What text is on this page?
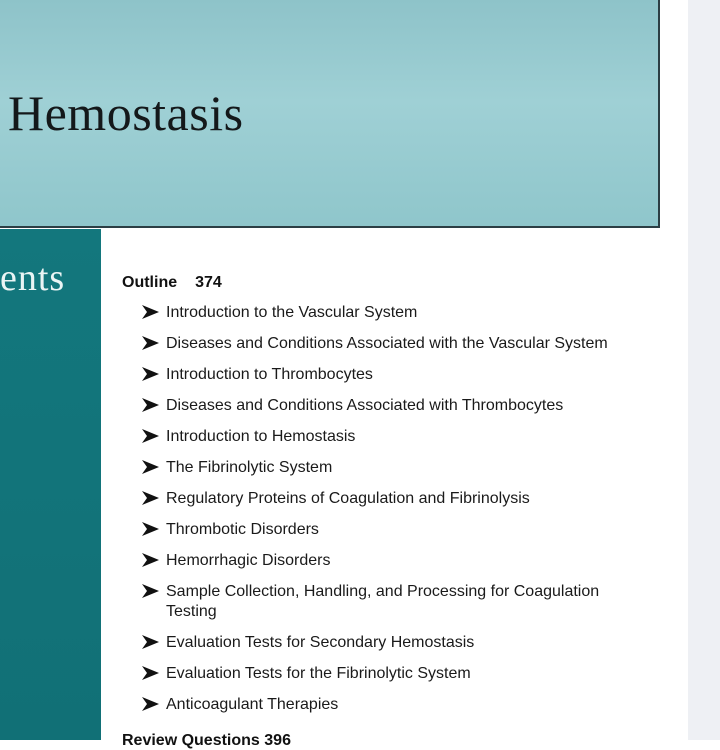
Hemostasis
ents	Outline 374
Introduction to the Vascular System
Diseases and Conditions Associated with the Vascular System
Introduction to Thrombocytes
Diseases and Conditions Associated with Thrombocytes
Introduction to Hemostasis
The Fibrinolytic System
Regulatory Proteins of Coagulation and Fibrinolysis
Thrombotic Disorders
Hemorrhagic Disorders
Sample Collection, Handling, and Processing for Coagulation Testing
Evaluation Tests for Secondary Hemostasis
Evaluation Tests for the Fibrinolytic System
Anticoagulant Therapies
Review Questions 396
